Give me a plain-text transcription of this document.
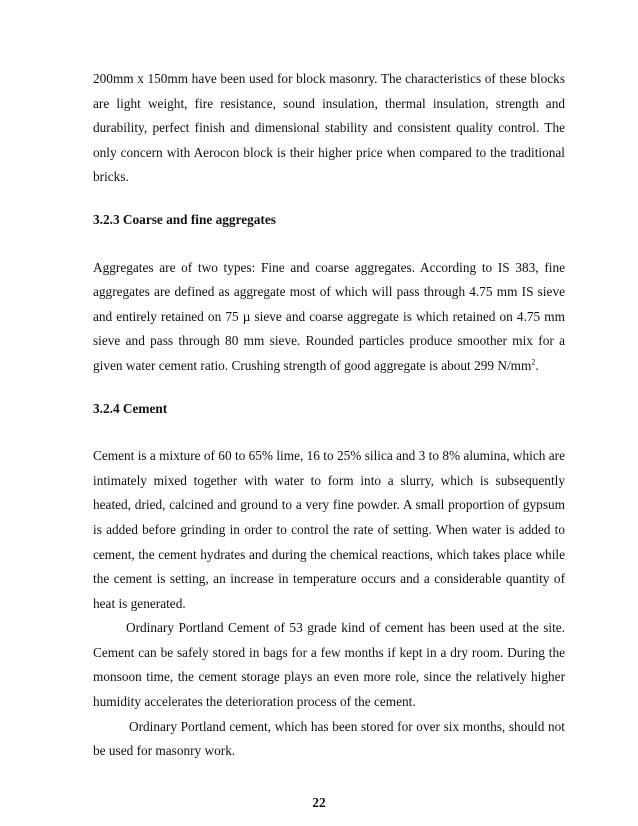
200mm x 150mm have been used for block masonry. The characteristics of these blocks are light weight, fire resistance, sound insulation, thermal insulation, strength and durability, perfect finish and dimensional stability and consistent quality control. The only concern with Aerocon block is their higher price when compared to the traditional bricks.

3.2.3 Coarse and fine aggregates

Aggregates are of two types: Fine and coarse aggregates. According to IS 383, fine aggregates are defined as aggregate most of which will pass through 4.75 mm IS sieve and entirely retained on 75 µ sieve and coarse aggregate is which retained on 4.75 mm sieve and pass through 80 mm sieve. Rounded particles produce smoother mix for a given water cement ratio. Crushing strength of good aggregate is about 299 $N/mm^2$.

3.2.4 Cement

Cement is a mixture of 60 to 65% lime, 16 to 25% silica and 3 to 8% alumina, which are intimately mixed together with water to form into a slurry, which is subsequently heated, dried, calcined and ground to a very fine powder. A small proportion of gypsum is added before grinding in order to control the rate of setting. When water is added to cement, the cement hydrates and during the chemical reactions, which takes place while the cement is setting, an increase in temperature occurs and a considerable quantity of heat is generated.

Ordinary Portland Cement of 53 grade kind of cement has been used at the site. Cement can be safely stored in bags for a few months if kept in a dry room. During the monsoon time, the cement storage plays an even more role, since the relatively higher humidity accelerates the deterioration process of the cement.

Ordinary Portland cement, which has been stored for over six months, should not be used for masonry work.

22
